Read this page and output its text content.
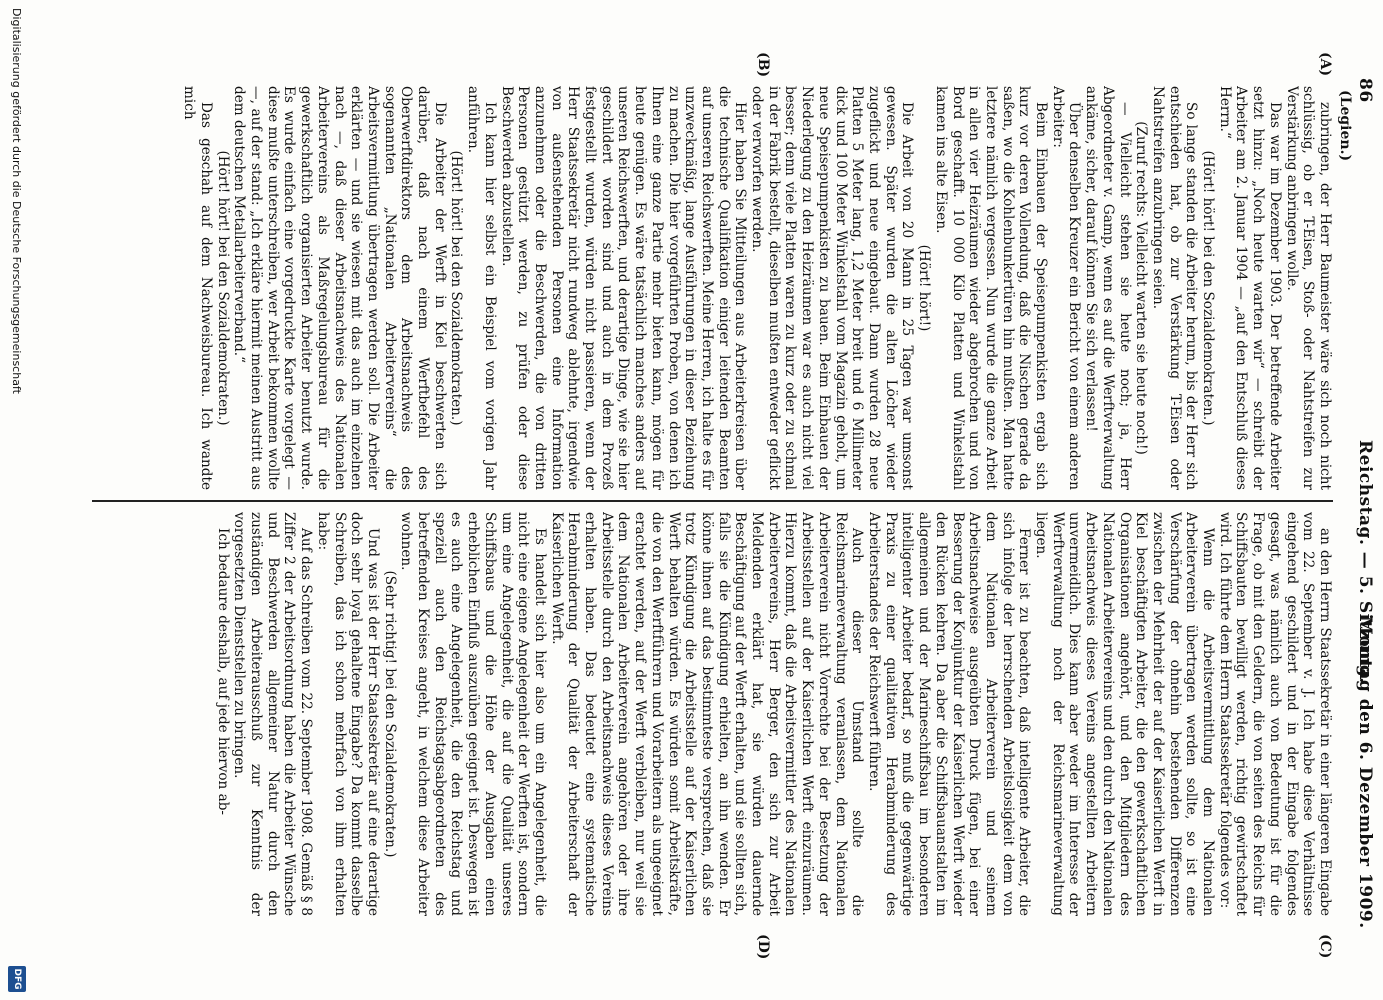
86
Reichstag. — 5. Sitzung.
Montag den 6. Dezember 1909.
(Legien.)
(A)
(B)
(C)
(D)

zubringen, der Herr Baumeister wäre sich noch nicht schlüssig, ob er T-Eisen, Stoß- oder Nahtstreifen zur Verstärkung anbringen wolle.

Das war im Dezember 1903. Der betreffende Arbeiter setzt hinzu: „Noch heute warten wir“ — schreibt der Arbeiter am 2. Januar 1904 — „auf den Entschluß dieses Herrn.“

(Hört! hört! bei den Sozialdemokraten.)

So lange standen die Arbeiter herum, bis der Herr sich entschieden hat, ob zur Verstärkung T-Eisen oder Nahtstreifen anzubringen seien.

(Zuruf rechts: Vielleicht warten sie heute noch!)

— Vielleicht stehen sie heute noch; ja, Herr Abgeordneter v. Gamp, wenn es auf die Werftverwaltung ankäme, sicher, darauf können Sie sich verlassen!

Über denselben Kreuzer ein Bericht von einem anderen Arbeiter:

Beim Einbauen der Speisepumpenkisten ergab sich kurz vor deren Vollendung, daß die Nischen gerade da saßen, wo die Kohlenbunkertüren hin mußten. Man hatte letztere nämlich vergessen. Nun wurde die ganze Arbeit in allen vier Heizräumen wieder abgebrochen und von Bord geschafft. 10 000 Kilo Platten und Winkelstahl kamen ins alte Eisen.

(Hört! hört!)

Die Arbeit von 20 Mann in 25 Tagen war umsonst gewesen. Später wurden die alten Löcher wieder zugeflickt und neue eingebaut. Dann wurden 28 neue Platten 5 Meter lang, 1,2 Meter breit und 6 Millimeter dick und 100 Meter Winkelstahl vom Magazin geholt, um neue Speisepumpenkisten zu bauen. Beim Einbauen der Niederlegung zu den Heizräumen war es auch nicht viel besser; denn viele Platten waren zu kurz oder zu schmal in der Fabrik bestellt, dieselben mußten entweder geflickt oder verworfen werden.

Hier haben Sie Mitteilungen aus Arbeiterkreisen über die technische Qualifikation einiger leitenden Beamten auf unseren Reichswerften. Meine Herren, ich halte es für unzweckmäßig, lange Ausführungen in dieser Beziehung zu machen. Die hier vorgeführten Proben, von denen ich Ihnen eine ganze Partie mehr bieten kann, mögen für heute genügen. Es wäre tatsächlich manches anders auf unseren Reichswerften, und derartige Dinge, wie sie hier geschildert worden sind und auch in dem Prozeß festgestellt wurden, würden nicht passieren, wenn der Herr Staatssekretär nicht rundweg ablehnte, irgendwie von außenstehenden Personen eine Information anzunehmen oder die Beschwerden, die von dritten Personen gestützt werden, zu prüfen oder diese Beschwerden abzustellen.

Ich kann hier selbst ein Beispiel vom vorigen Jahr anführen.

(Hört! hört! bei den Sozialdemokraten.)

Die Arbeiter der Werft in Kiel beschwerten sich darüber, daß nach einem Werftbefehl des Oberwerftdirektors dem Arbeitsnachweis des sogenannten „Nationalen Arbeitervereins“ die Arbeitsvermittlung übertragen werden soll. Die Arbeiter erklärten — und sie wiesen mit das auch im einzelnen nach —, daß dieser Arbeitsnachweis des Nationalen Arbeitervereins als Maßregelungsbureau für die gewerkschaftlich organisierten Arbeiter benutzt wurde. Es wurde einfach eine vorgedruckte Karte vorgelegt — diese mußte unterschreiben, wer Arbeit bekommen wollte —, auf der stand: „Ich erkläre hiermit meinen Austritt aus dem deutschen Metallarbeiterverband.“

(Hört! hört! bei den Sozialdemokraten.)

Das geschah auf dem Nachweisbureau. Ich wandte mich

an den Herrn Staatssekretär in einer längeren Eingabe vom 22. September v. J. Ich habe diese Verhältnisse eingehend geschildert und in der Eingabe folgendes gesagt, was nämlich auch von Bedeutung ist für die Frage, ob mit den Geldern, die von seiten des Reichs für Schiffsbauten bewilligt werden, richtig gewirtschaftet wird. Ich führte dem Herrn Staatssekretär folgendes vor:

Wenn die Arbeitsvermittlung dem Nationalen Arbeiterverein übertragen werden sollte, so ist eine Verschärfung der ohnehin bestehenden Differenzen zwischen der Mehrheit der auf der Kaiserlichen Werft in Kiel beschäftigten Arbeiter, die den gewerkschaftlichen Organisationen angehört, und den Mitgliedern des Nationalen Arbeitervereins und den durch den Nationalen Arbeitsnachweis dieses Vereins angestellten Arbeitern unvermeidlich. Dies kann aber weder im Interesse der Werftverwaltung noch der Reichsmarineverwaltung liegen.

Ferner ist zu beachten, daß intelligente Arbeiter, die sich infolge der herrschenden Arbeitslosigkeit dem von dem Nationalen Arbeiterverein und seinem Arbeitsnachweise ausgeübten Druck fügen, bei einer Besserung der Konjunktur der Kaiserlichen Werft wieder den Rücken kehren. Da aber die Schiffsbauanstalten im allgemeinen und der Marineschiffsbau im besonderen intelligenter Arbeiter bedarf, so muß die gegenwärtige Praxis zu einer qualitativen Herabminderung des Arbeiterstandes der Reichswerft führen.

Auch dieser Umstand sollte die Reichsmarineverwaltung veranlassen, dem Nationalen Arbeiterverein nicht Vorrechte bei der Besetzung der Arbeitsstellen auf der Kaiserlichen Werft einzuräumen. Hierzu kommt, daß die Arbeitsvermittler des Nationalen Arbeitervereins, Herr Berger, den sich zur Arbeit Meldenden erklärt hat, sie würden dauernde Beschäftigung auf der Werft erhalten, und sie sollten sich, falls sie die Kündigung erhielten, an ihn wenden. Er könne ihnen auf das bestimmteste versprechen, daß sie trotz Kündigung die Arbeitsstelle auf der Kaiserlichen Werft behalten würden. Es würden somit Arbeitskräfte, die von den Werftführern und Vorarbeitern als ungeeignet erachtet werden, auf der Werft verbleiben, nur weil sie dem Nationalen Arbeiterverein angehören oder ihre Arbeitsstelle durch den Arbeitsnachweis dieses Vereins erhalten haben. Das bedeutet eine systematische Herabminderung der Qualität der Arbeiterschaft der Kaiserlichen Werft.

Es handelt sich hier also um ein Angelegenheit, die nicht eine eigene Angelegenheit der Werften ist, sondern um eine Angelegenheit, die auf die Qualität unseres Schiffsbaus und die Höhe der Ausgaben einen erheblichen Einfluß auszuüben geeignet ist. Deswegen ist es auch eine Angelegenheit, die den Reichstag und speziell auch den Reichstagsabgeordneten des betreffenden Kreises angeht, in welchem diese Arbeiter wohnen.

(Sehr richtig! bei den Sozialdemokraten.)

Und was ist der Herr Staatssekretär auf eine derartige doch sehr loyal gehaltene Eingabe? Da kommt dasselbe Schreiben, das ich schon mehrfach von ihm erhalten habe:

Auf das Schreiben vom 22. September 1908. Gemäß § 8 Ziffer 2 der Arbeitsordnung haben die Arbeiter Wünsche und Beschwerden allgemeiner Natur durch den zuständigen Arbeiterausschuß zur Kenntnis der vorgesetzten Dienststellen zu bringen.

Ich bedaure deshalb, auf jede hiervon ab-

Digitalisierung gefördert durch die Deutsche Forschungsgemeinschaft
DFG
